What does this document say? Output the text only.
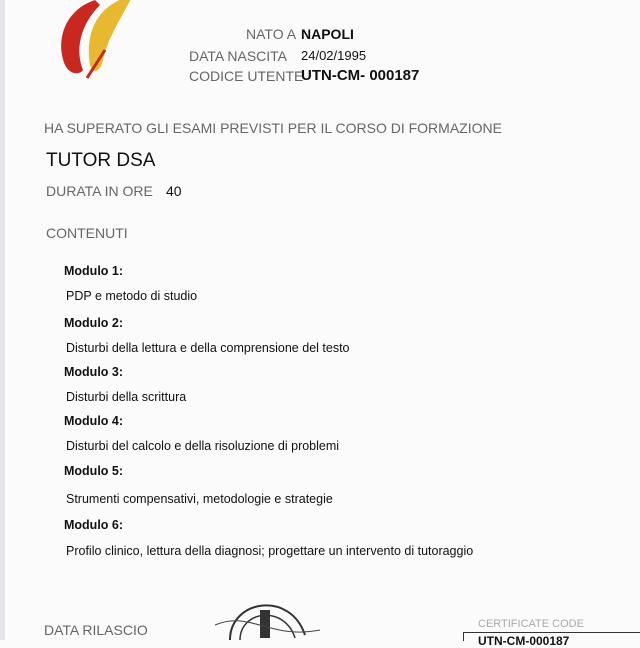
NATO A NAPOLI
DATA NASCITA 24/02/1995
CODICE UTENTE
UTN-CM- 000187
HA SUPERATO GLI ESAMI PREVISTI PER IL CORSO DI FORMAZIONE
TUTOR DSA
DURATA IN ORE 40
CONTENUTI
Modulo 1:
PDP e metodo di studio
Modulo 2:
Disturbi della lettura e della comprensione del testo
Modulo 3:
Disturbi della scrittura
Modulo 4:
Disturbi del calcolo e della risoluzione di problemi
Modulo 5:
Strumenti compensativi, metodologie e strategie
Modulo 6:
Profilo clinico, lettura della diagnosi; progettare un intervento di tutoraggio
DATA RILASCIO	CERTIFICATE CODE
UTN-CM-000187
